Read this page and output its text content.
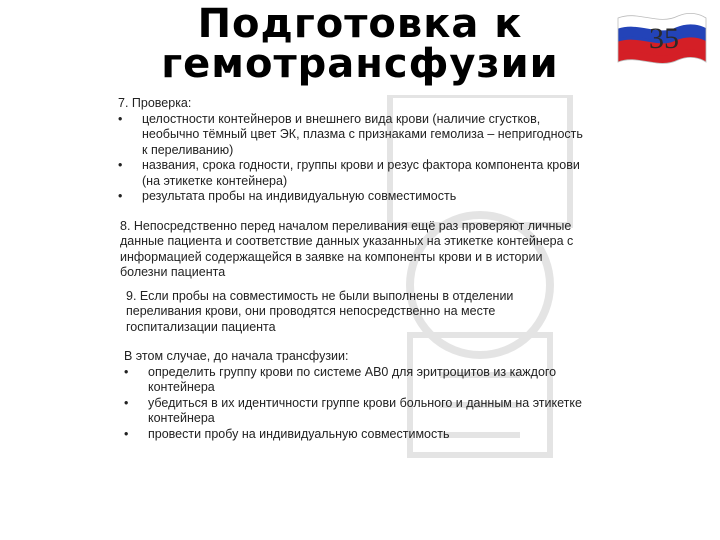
Подготовка к
гемотрансфузии
35

7. Проверка:

• целостности контейнеров и внешнего вида крови (наличие сгустков, необычно тёмный цвет ЭК, плазма с признаками гемолиза – непригодность к переливанию)

• названия, срока годности, группы крови и резус фактора компонента крови (на этикетке контейнера)

• результата пробы на индивидуальную совместимость

8. Непосредственно перед началом переливания ещё раз проверяют личные данные пациента и соответствие данных указанных на этикетке контейнера с информацией содержащейся в заявке на компоненты крови и в истории болезни пациента

9. Если пробы на совместимость не были выполнены в отделении переливания крови, они проводятся непосредственно на месте госпитализации пациента

В этом случае, до начала трансфузии:

• определить группу крови по системе АВ0 для эритроцитов из каждого контейнера

• убедиться в их идентичности группе крови больного и данным на этикетке контейнера

• провести пробу на индивидуальную совместимость
